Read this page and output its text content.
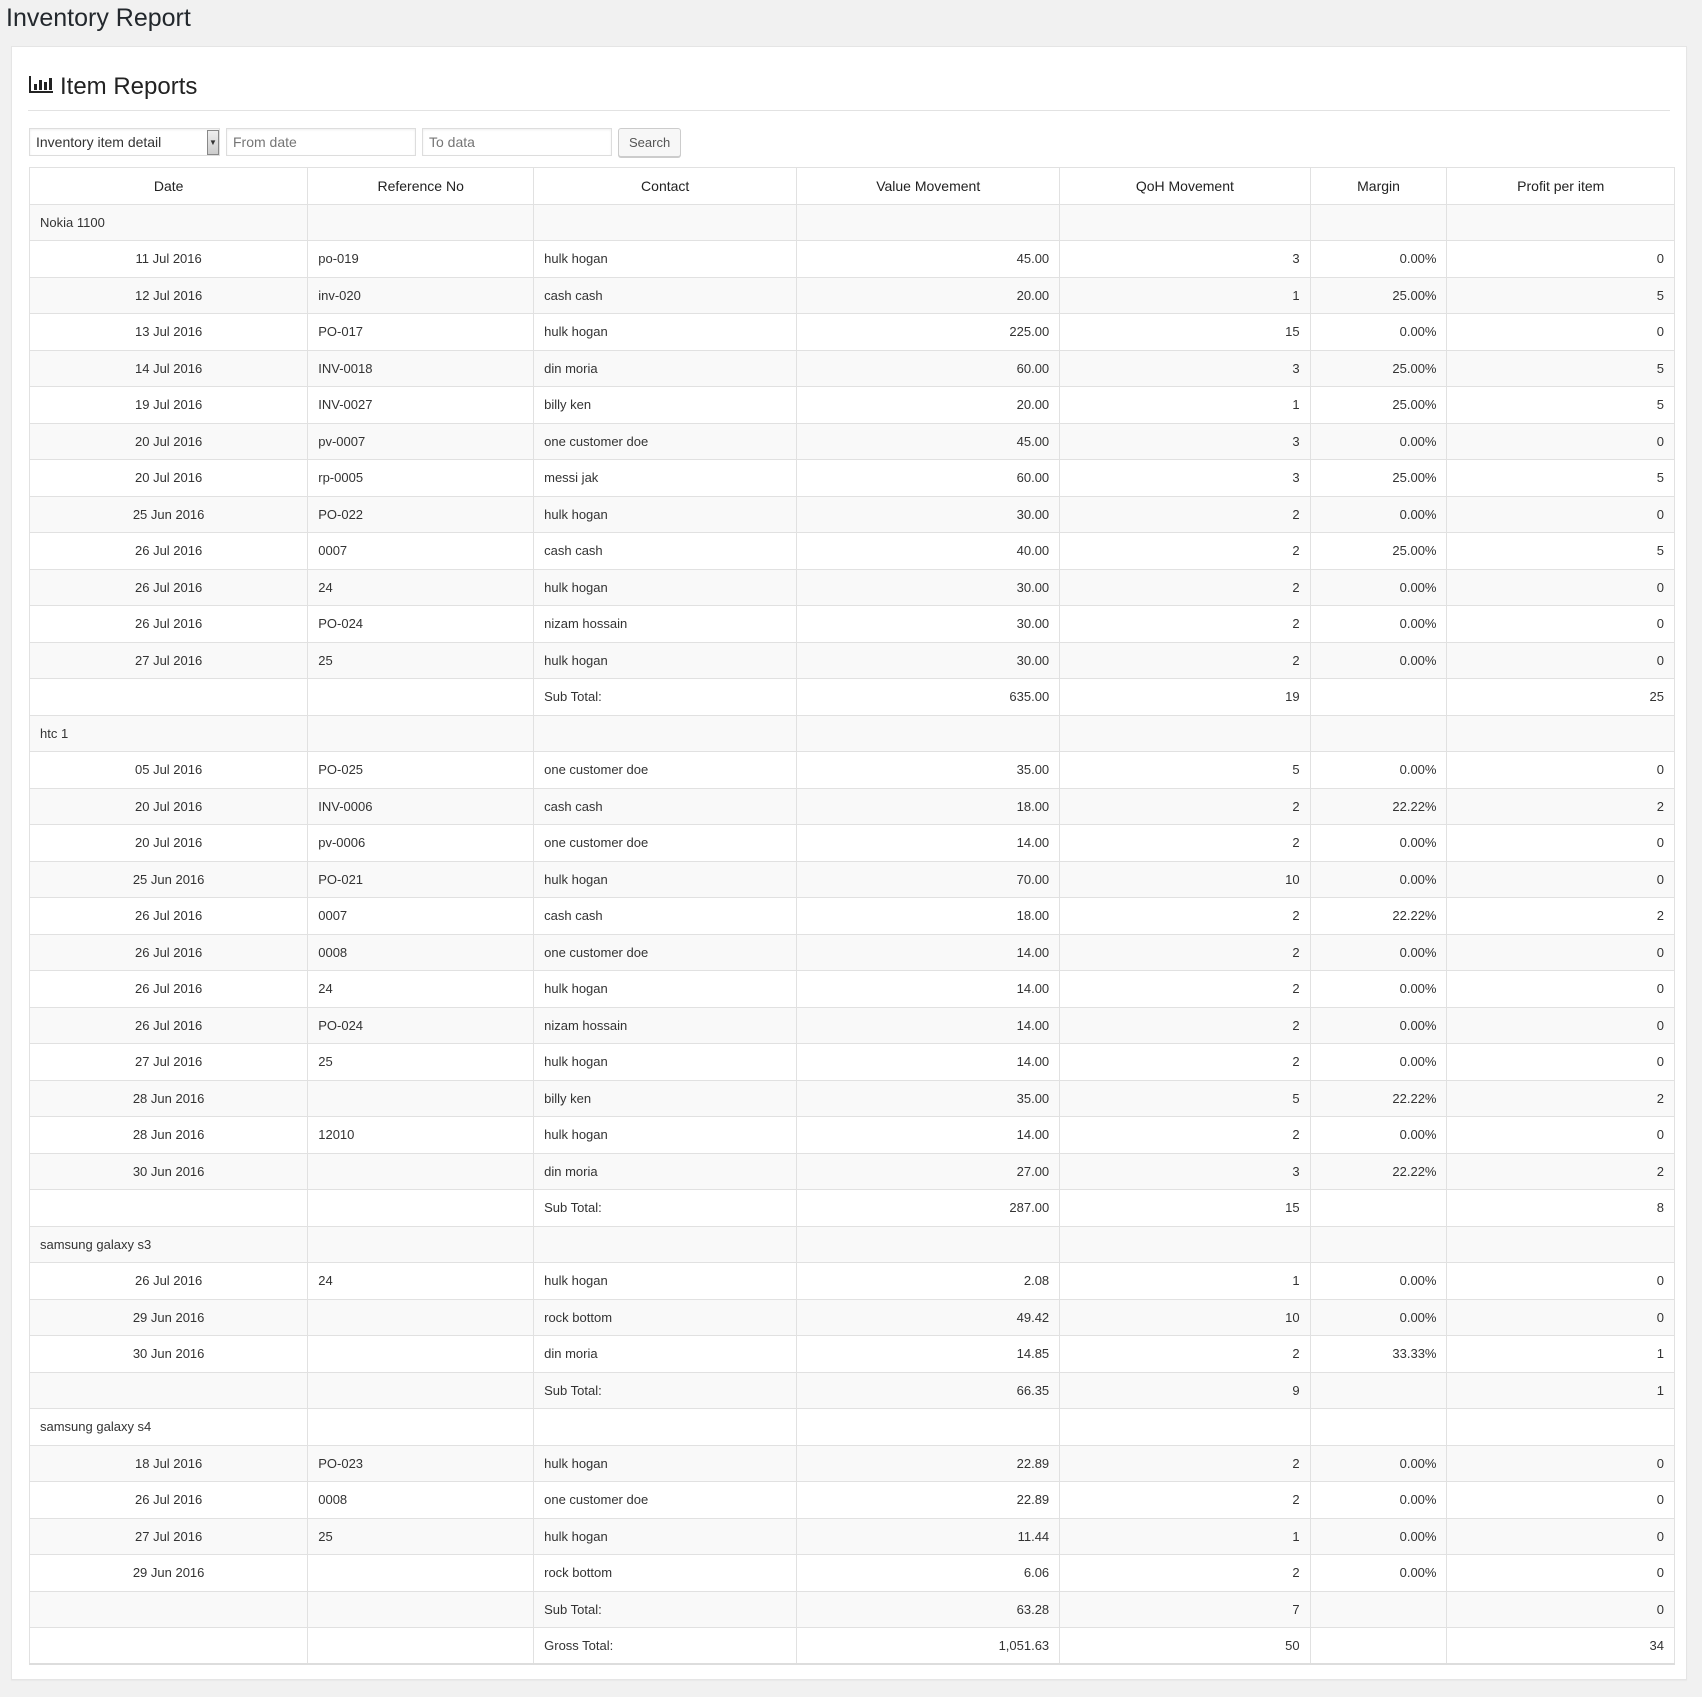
Inventory Report
Item Reports
Inventory item detail	▼
From date
To data	Search
Date	Reference No	Contact	Value Movement	QoH Movement	Margin	Profit per item
Nokia 1100						
11 Jul 2016	po-019	hulk hogan	45.00	3	0.00%	0
12 Jul 2016	inv-020	cash cash	20.00	1	25.00%	5
13 Jul 2016	PO-017	hulk hogan	225.00	15	0.00%	0
14 Jul 2016	INV-0018	din moria	60.00	3	25.00%	5
19 Jul 2016	INV-0027	billy ken	20.00	1	25.00%	5
20 Jul 2016	pv-0007	one customer doe	45.00	3	0.00%	0
20 Jul 2016	rp-0005	messi jak	60.00	3	25.00%	5
25 Jun 2016	PO-022	hulk hogan	30.00	2	0.00%	0
26 Jul 2016	0007	cash cash	40.00	2	25.00%	5
26 Jul 2016	24	hulk hogan	30.00	2	0.00%	0
26 Jul 2016	PO-024	nizam hossain	30.00	2	0.00%	0
27 Jul 2016	25	hulk hogan	30.00	2	0.00%	0
		Sub Total:	635.00	19		25
htc 1						
05 Jul 2016	PO-025	one customer doe	35.00	5	0.00%	0
20 Jul 2016	INV-0006	cash cash	18.00	2	22.22%	2
20 Jul 2016	pv-0006	one customer doe	14.00	2	0.00%	0
25 Jun 2016	PO-021	hulk hogan	70.00	10	0.00%	0
26 Jul 2016	0007	cash cash	18.00	2	22.22%	2
26 Jul 2016	0008	one customer doe	14.00	2	0.00%	0
26 Jul 2016	24	hulk hogan	14.00	2	0.00%	0
26 Jul 2016	PO-024	nizam hossain	14.00	2	0.00%	0
27 Jul 2016	25	hulk hogan	14.00	2	0.00%	0
28 Jun 2016		billy ken	35.00	5	22.22%	2
28 Jun 2016	12010	hulk hogan	14.00	2	0.00%	0
30 Jun 2016		din moria	27.00	3	22.22%	2
		Sub Total:	287.00	15		8
samsung galaxy s3						
26 Jul 2016	24	hulk hogan	2.08	1	0.00%	0
29 Jun 2016		rock bottom	49.42	10	0.00%	0
30 Jun 2016		din moria	14.85	2	33.33%	1
		Sub Total:	66.35	9		1
samsung galaxy s4						
18 Jul 2016	PO-023	hulk hogan	22.89	2	0.00%	0
26 Jul 2016	0008	one customer doe	22.89	2	0.00%	0
27 Jul 2016	25	hulk hogan	11.44	1	0.00%	0
29 Jun 2016		rock bottom	6.06	2	0.00%	0
		Sub Total:	63.28	7		0
		Gross Total:	1,051.63	50		34
